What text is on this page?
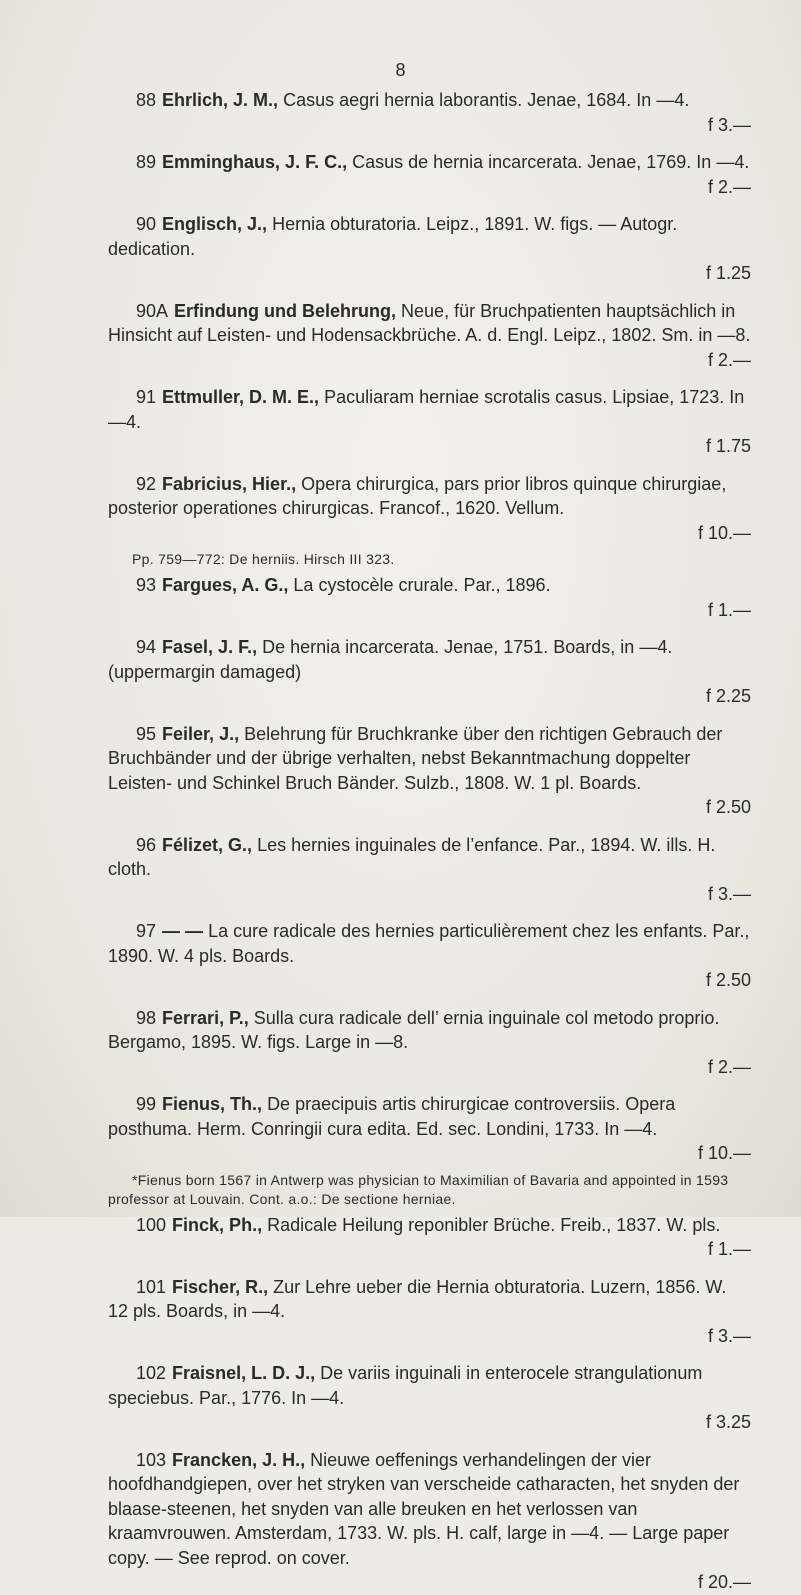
8

88 Ehrlich, J. M., Casus aegri hernia laborantis. Jenae, 1684. In —4.
f 3.—

89 Emminghaus, J. F. C., Casus de hernia incarcerata. Jenae, 1769. In —4.
f 2.—

90 Englisch, J., Hernia obturatoria. Leipz., 1891. W. figs. — Autogr. dedication.
f 1.25

90A Erfindung und Belehrung, Neue, für Bruchpatienten hauptsächlich in Hinsicht auf Leisten- und Hodensackbrüche. A. d. Engl. Leipz., 1802. Sm. in —8.
f 2.—

91 Ettmuller, D. M. E., Paculiaram herniae scrotalis casus. Lipsiae, 1723. In —4.
f 1.75

92 Fabricius, Hier., Opera chirurgica, pars prior libros quinque chirurgiae, posterior operationes chirurgicas. Francof., 1620. Vellum.
f 10.—

Pp. 759—772: De herniis. Hirsch III 323.

93 Fargues, A. G., La cystocèle crurale. Par., 1896.
f 1.—

94 Fasel, J. F., De hernia incarcerata. Jenae, 1751. Boards, in —4. (uppermargin damaged)
f 2.25

95 Feiler, J., Belehrung für Bruchkranke über den richtigen Gebrauch der Bruchbänder und der übrige verhalten, nebst Bekanntmachung doppelter Leisten- und Schinkel Bruch Bänder. Sulzb., 1808. W. 1 pl. Boards.
f 2.50

96 Félizet, G., Les hernies inguinales de l’enfance. Par., 1894. W. ills. H. cloth.
f 3.—

97 — — La cure radicale des hernies particulièrement chez les enfants. Par., 1890. W. 4 pls. Boards.
f 2.50

98 Ferrari, P., Sulla cura radicale dell’ ernia inguinale col metodo proprio. Bergamo, 1895. W. figs. Large in —8.
f 2.—

99 Fienus, Th., De praecipuis artis chirurgicae controversiis. Opera posthuma. Herm. Conringii cura edita. Ed. sec. Londini, 1733. In —4.
f 10.—

*Fienus born 1567 in Antwerp was physician to Maximilian of Bavaria and appointed in 1593 professor at Louvain. Cont. a.o.: De sectione herniae.

100 Finck, Ph., Radicale Heilung reponibler Brüche. Freib., 1837. W. pls.
f 1.—

101 Fischer, R., Zur Lehre ueber die Hernia obturatoria. Luzern, 1856. W. 12 pls. Boards, in —4.
f 3.—

102 Fraisnel, L. D. J., De variis inguinali in enterocele strangulationum speciebus. Par., 1776. In —4.
f 3.25

103 Francken, J. H., Nieuwe oeffenings verhandelingen der vier hoofdhandgiepen, over het stryken van verscheide catharacten, het snyden der blaase-steenen, het snyden van alle breuken en het verlossen van kraamvrouwen. Amsterdam, 1733. W. pls. H. calf, large in —4. — Large paper copy. — See reprod. on cover.
f 20.—
